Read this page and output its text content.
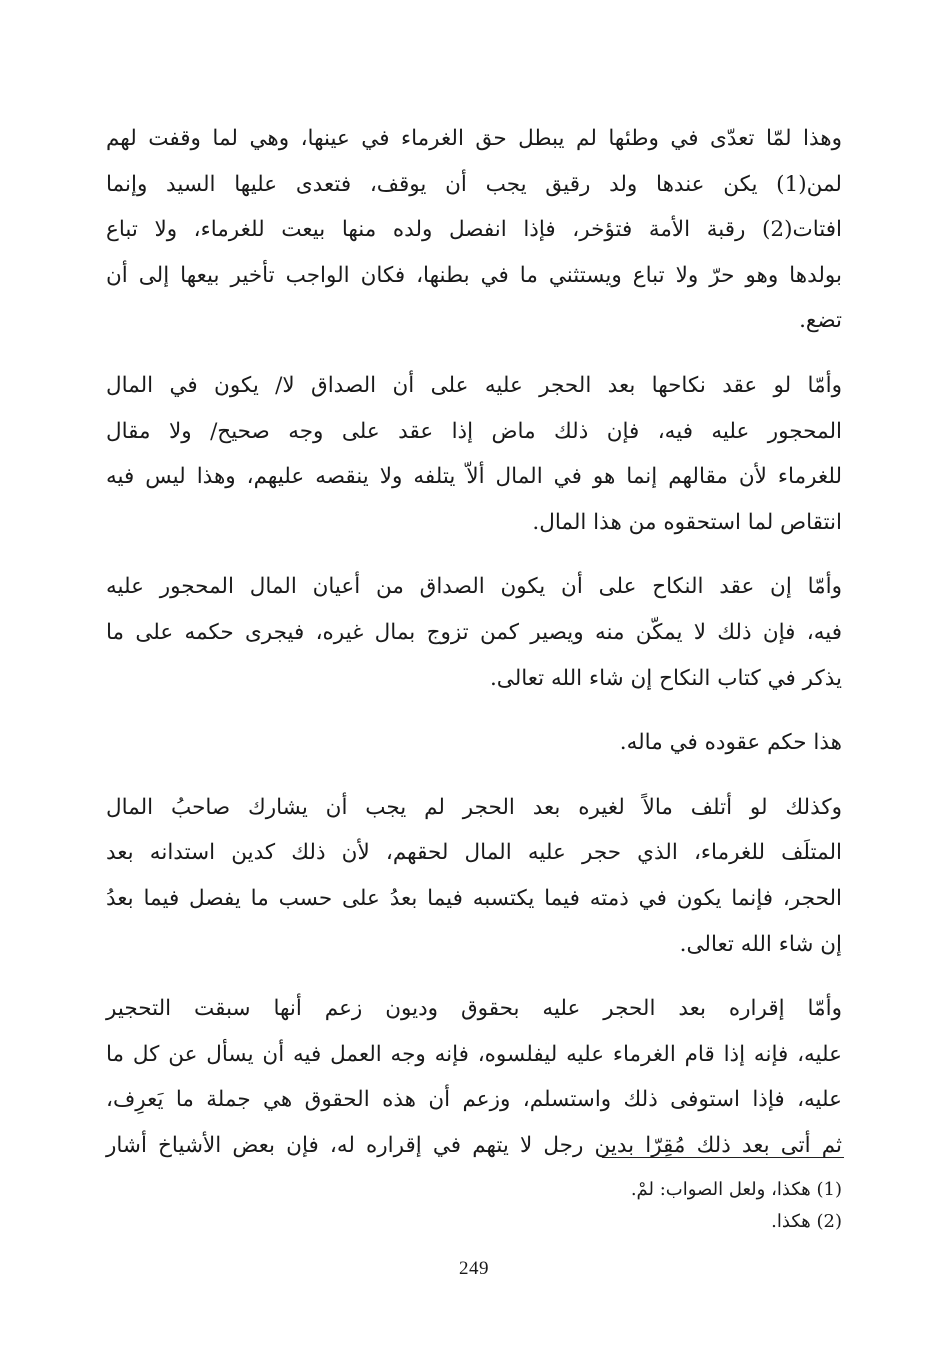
وهذا لمّا تعدّى في وطئها لم يبطل حق الغرماء في عينها، وهي لما وقفت لهم
لمن(1) يكن عندها ولد رقيق يجب أن يوقف، فتعدى عليها السيد وإنما
افتات(2) رقبة الأمة فتؤخر، فإذا انفصل ولده منها بيعت للغرماء، ولا تباع
بولدها وهو حرّ ولا تباع ويستثني ما في بطنها، فكان الواجب تأخير بيعها إلى أن
تضع.
وأمّا لو عقد نكاحها بعد الحجر عليه على أن الصداق لا/ يكون في المال
المحجور عليه فيه، فإن ذلك ماض إذا عقد على وجه صحيح/ ولا مقال
للغرماء لأن مقالهم إنما هو في المال ألاّ يتلفه ولا ينقصه عليهم، وهذا ليس فيه
انتقاص لما استحقوه من هذا المال.
وأمّا إن عقد النكاح على أن يكون الصداق من أعيان المال المحجور عليه
فيه، فإن ذلك لا يمكّن منه ويصير كمن تزوج بمال غيره، فيجرى حكمه على ما
يذكر في كتاب النكاح إن شاء الله تعالى.
هذا حكم عقوده في ماله.
وكذلك لو أتلف مالاً لغيره بعد الحجر لم يجب أن يشارك صاحبُ المال
المتلَف للغرماء، الذي حجر عليه المال لحقهم، لأن ذلك كدين استدانه بعد
الحجر، فإنما يكون في ذمته فيما يكتسبه فيما بعدُ على حسب ما يفصل فيما بعدُ
إن شاء الله تعالى.
وأمّا إقراره بعد الحجر عليه بحقوق وديون زعم أنها سبقت التحجير
عليه، فإنه إذا قام الغرماء عليه ليفلسوه، فإنه وجه العمل فيه أن يسأل عن كل ما
عليه، فإذا استوفى ذلك واستسلم، وزعم أن هذه الحقوق هي جملة ما يَعرِف،
ثم أتى بعد ذلك مُقِرّا بدين رجل لا يتهم في إقراره له، فإن بعض الأشياخ أشار

(1) هكذا، ولعل الصواب: لمْ.

(2) هكذا.

249
